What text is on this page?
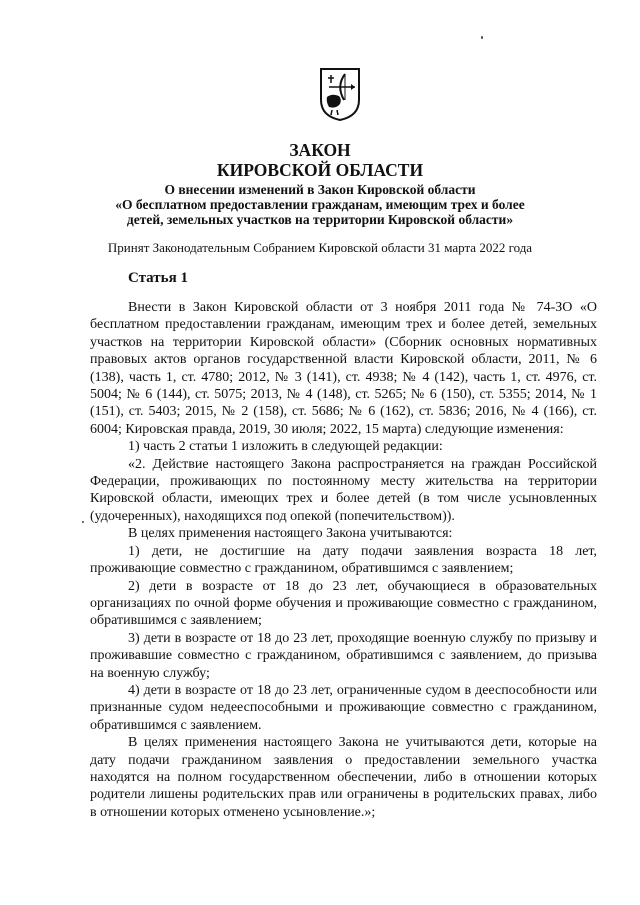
ЗАКОН
КИРОВСКОЙ ОБЛАСТИ
О внесении изменений в Закон Кировской области
«О бесплатном предоставлении гражданам, имеющим трех и более
детей, земельных участков на территории Кировской области»
Принят Законодательным Собранием Кировской области 31 марта 2022 года
Статья 1

Внести в Закон Кировской области от 3 ноября 2011 года № 74-ЗО «О бесплатном предоставлении гражданам, имеющим трех и более детей, земельных участков на территории Кировской области» (Сборник основных нормативных правовых актов органов государственной власти Кировской области, 2011, № 6 (138), часть 1, ст. 4780; 2012, № 3 (141), ст. 4938; № 4 (142), часть 1, ст. 4976, ст. 5004; № 6 (144), ст. 5075; 2013, № 4 (148), ст. 5265; № 6 (150), ст. 5355; 2014, № 1 (151), ст. 5403; 2015, № 2 (158), ст. 5686; № 6 (162), ст. 5836; 2016, № 4 (166), ст. 6004; Кировская правда, 2019, 30 июля; 2022, 15 марта) следующие изменения:

1) часть 2 статьи 1 изложить в следующей редакции:

«2. Действие настоящего Закона распространяется на граждан Российской Федерации, проживающих по постоянному месту жительства на территории Кировской области, имеющих трех и более детей (в том числе усыновленных (удочеренных), находящихся под опекой (попечительством)).

В целях применения настоящего Закона учитываются:

1) дети, не достигшие на дату подачи заявления возраста 18 лет, проживающие совместно с гражданином, обратившимся с заявлением;

2) дети в возрасте от 18 до 23 лет, обучающиеся в образовательных организациях по очной форме обучения и проживающие совместно с гражданином, обратившимся с заявлением;

3) дети в возрасте от 18 до 23 лет, проходящие военную службу по призыву и проживавшие совместно с гражданином, обратившимся с заявлением, до призыва на военную службу;

4) дети в возрасте от 18 до 23 лет, ограниченные судом в дееспособности или признанные судом недееспособными и проживающие совместно с гражданином, обратившимся с заявлением.

В целях применения настоящего Закона не учитываются дети, которые на дату подачи гражданином заявления о предоставлении земельного участка находятся на полном государственном обеспечении, либо в отношении которых родители лишены родительских прав или ограничены в родительских правах, либо в отношении которых отменено усыновление.»;
